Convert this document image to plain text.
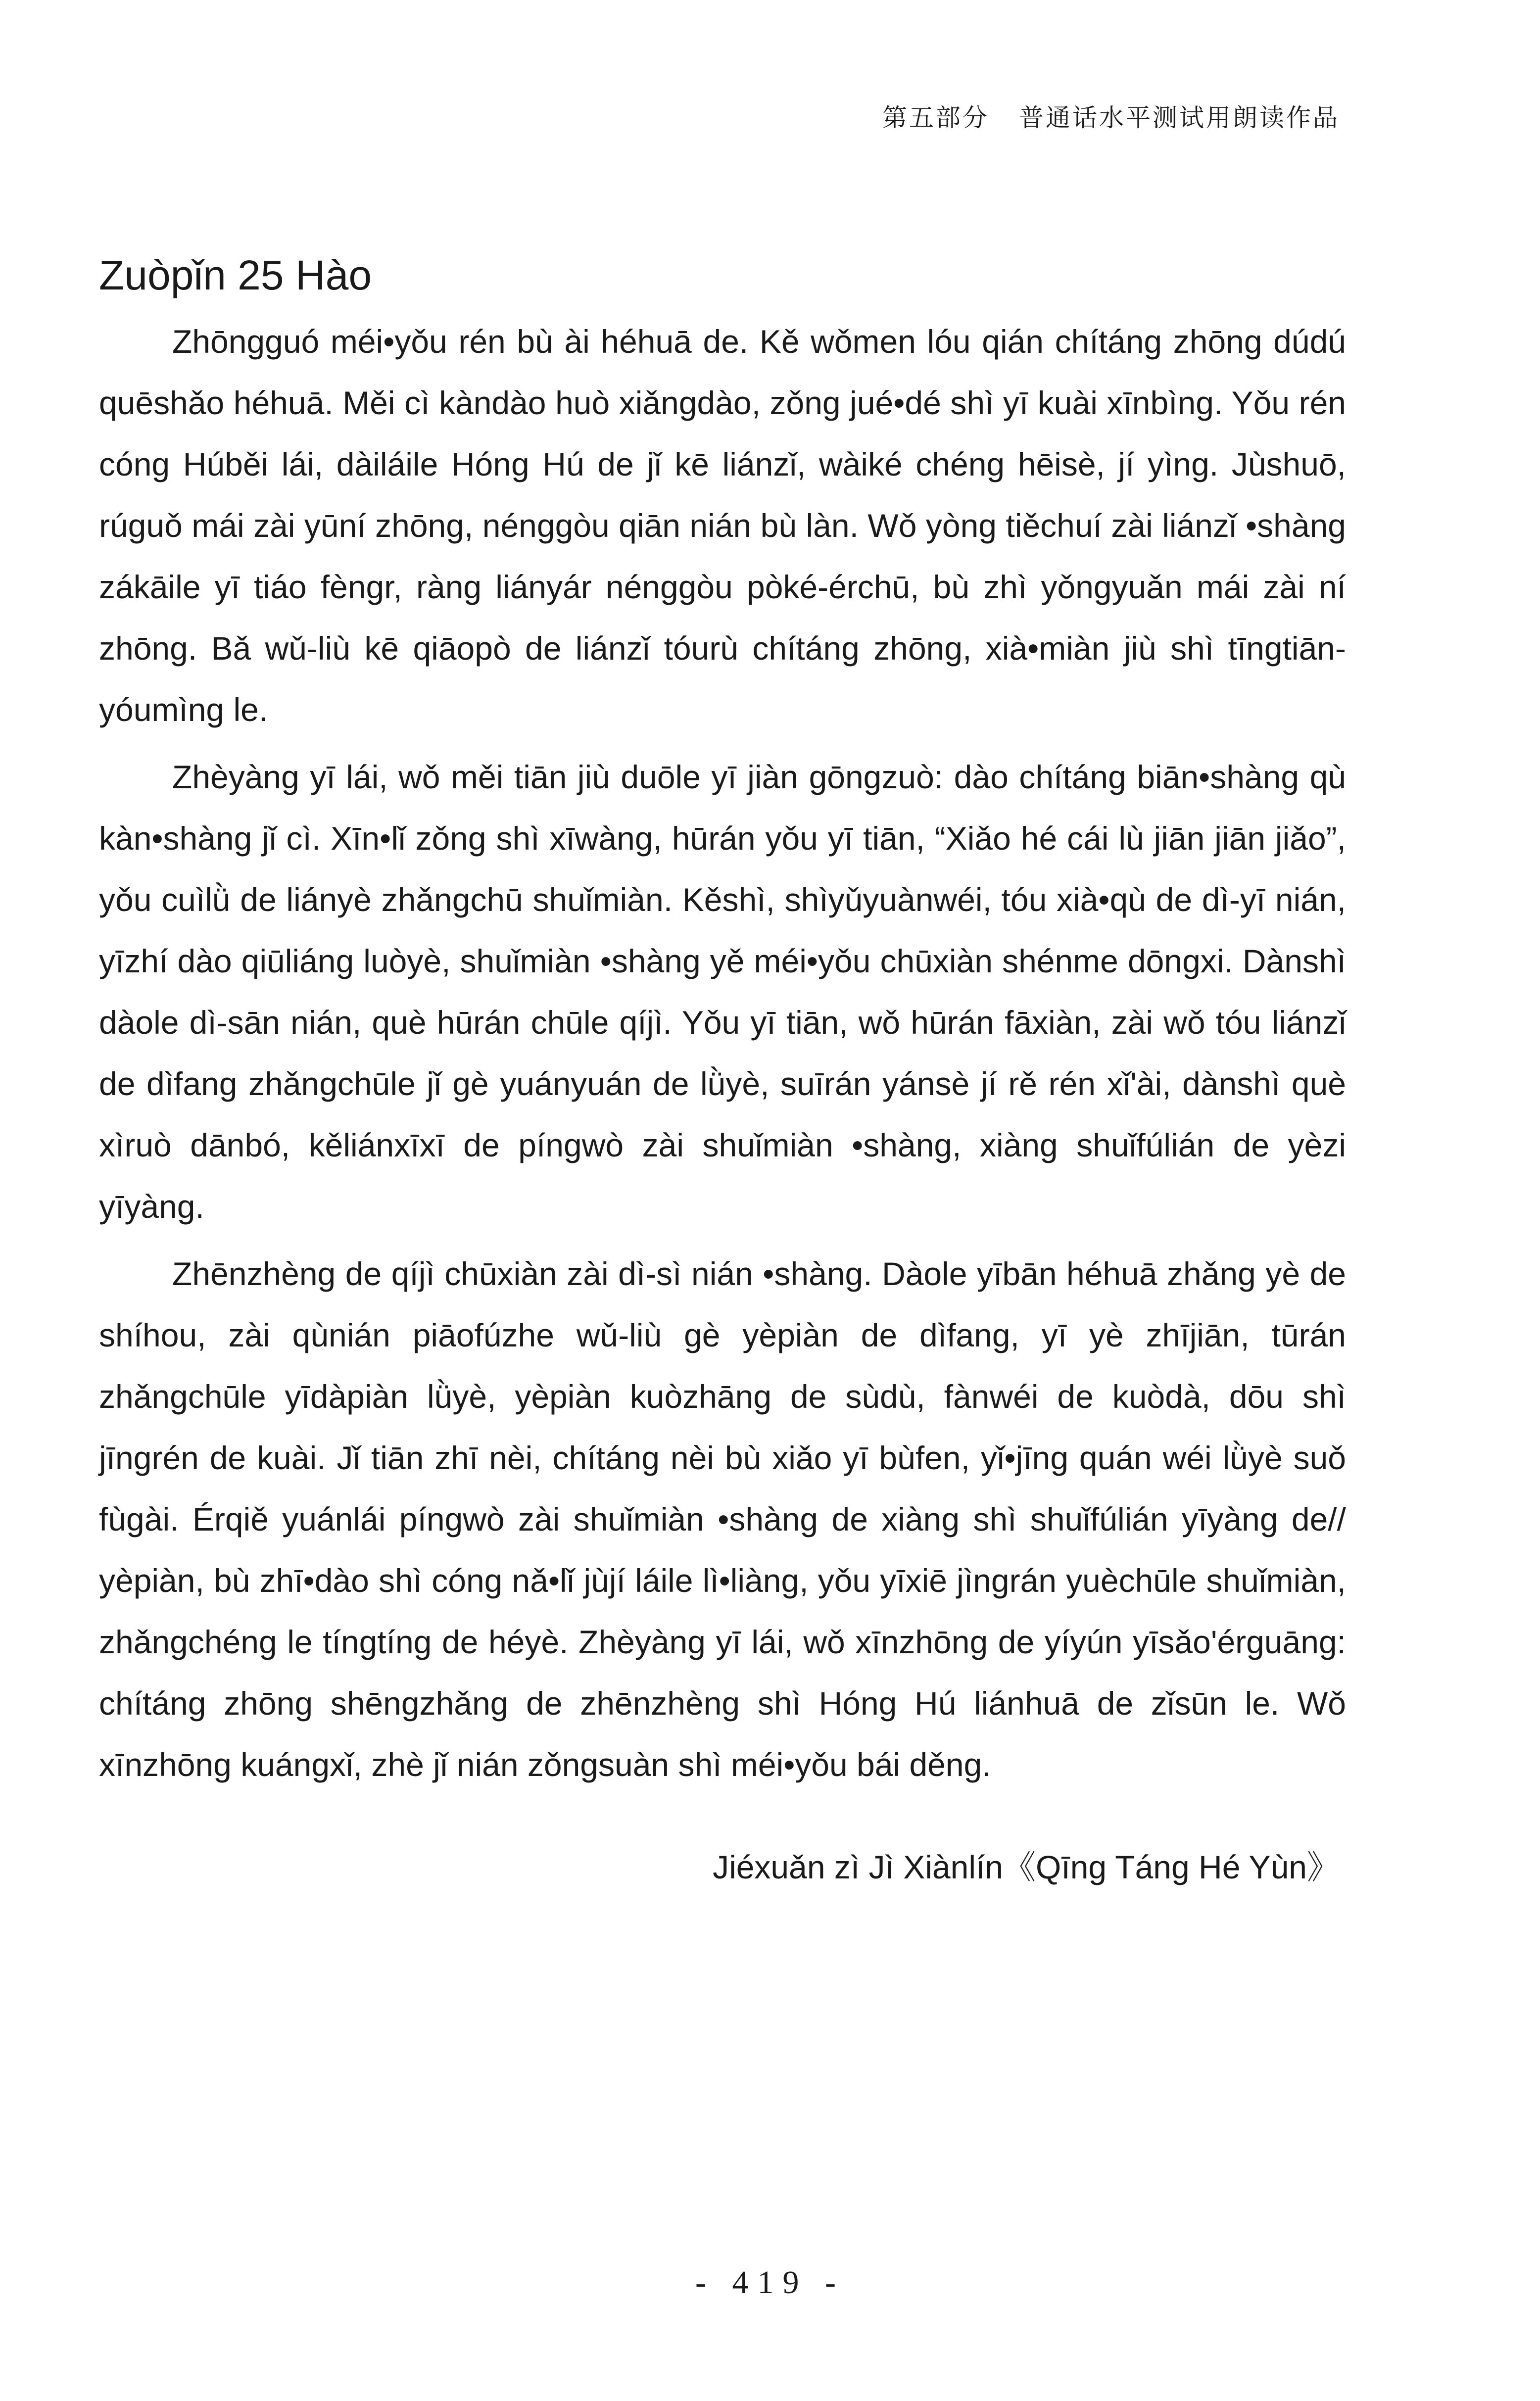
第五部分 普通话水平测试用朗读作品
Zuòpǐn 25 Hào

Zhōngguó méi•yǒu rén bù ài héhuā de. Kě wǒmen lóu qián chítáng zhōng dúdú quēshǎo héhuā. Měi cì kàndào huò xiǎngdào, zǒng jué•dé shì yī kuài xīnbìng. Yǒu rén cóng Húběi lái, dàiláile Hóng Hú de jǐ kē liánzǐ, wàiké chéng hēisè, jí yìng. Jùshuō, rúguǒ mái zài yūní zhōng, nénggòu qiān nián bù làn. Wǒ yòng tiěchuí zài liánzǐ •shàng zákāile yī tiáo fèngr, ràng liányár nénggòu pòké-érchū, bù zhì yǒngyuǎn mái zài ní zhōng. Bǎ wǔ-liù kē qiāopò de liánzǐ tóurù chítáng zhōng, xià•miàn jiù shì tīngtiān-yóumìng le.

Zhèyàng yī lái, wǒ měi tiān jiù duōle yī jiàn gōngzuò: dào chítáng biān•shàng qù kàn•shàng jǐ cì. Xīn•lǐ zǒng shì xīwàng, hūrán yǒu yī tiān, “Xiǎo hé cái lù jiān jiān jiǎo”, yǒu cuìlǜ de liányè zhǎngchū shuǐmiàn. Kěshì, shìyǔyuànwéi, tóu xià•qù de dì-yī nián, yīzhí dào qiūliáng luòyè, shuǐmiàn •shàng yě méi•yǒu chūxiàn shénme dōngxi. Dànshì dàole dì-sān nián, què hūrán chūle qíjì. Yǒu yī tiān, wǒ hūrán fāxiàn, zài wǒ tóu liánzǐ de dìfang zhǎngchūle jǐ gè yuányuán de lǜyè, suīrán yánsè jí rě rén xǐ'ài, dànshì què xìruò dānbó, kěliánxīxī de píngwò zài shuǐmiàn •shàng, xiàng shuǐfúlián de yèzi yīyàng.

Zhēnzhèng de qíjì chūxiàn zài dì-sì nián •shàng. Dàole yībān héhuā zhǎng yè de shíhou, zài qùnián piāofúzhe wǔ-liù gè yèpiàn de dìfang, yī yè zhījiān, tūrán zhǎngchūle yīdàpiàn lǜyè, yèpiàn kuòzhāng de sùdù, fànwéi de kuòdà, dōu shì jīngrén de kuài. Jǐ tiān zhī nèi, chítáng nèi bù xiǎo yī bùfen, yǐ•jīng quán wéi lǜyè suǒ fùgài. Érqiě yuánlái píngwò zài shuǐmiàn •shàng de xiàng shì shuǐfúlián yīyàng de// yèpiàn, bù zhī•dào shì cóng nǎ•lǐ jùjí láile lì•liàng, yǒu yīxiē jìngrán yuèchūle shuǐmiàn, zhǎngchéng le tíngtíng de héyè. Zhèyàng yī lái, wǒ xīnzhōng de yíyún yīsǎo'érguāng: chítáng zhōng shēngzhǎng de zhēnzhèng shì Hóng Hú liánhuā de zǐsūn le. Wǒ xīnzhōng kuángxǐ, zhè jǐ nián zǒngsuàn shì méi•yǒu bái děng.

Jiéxuǎn zì Jì Xiànlín《Qīng Táng Hé Yùn》
- 419 -
